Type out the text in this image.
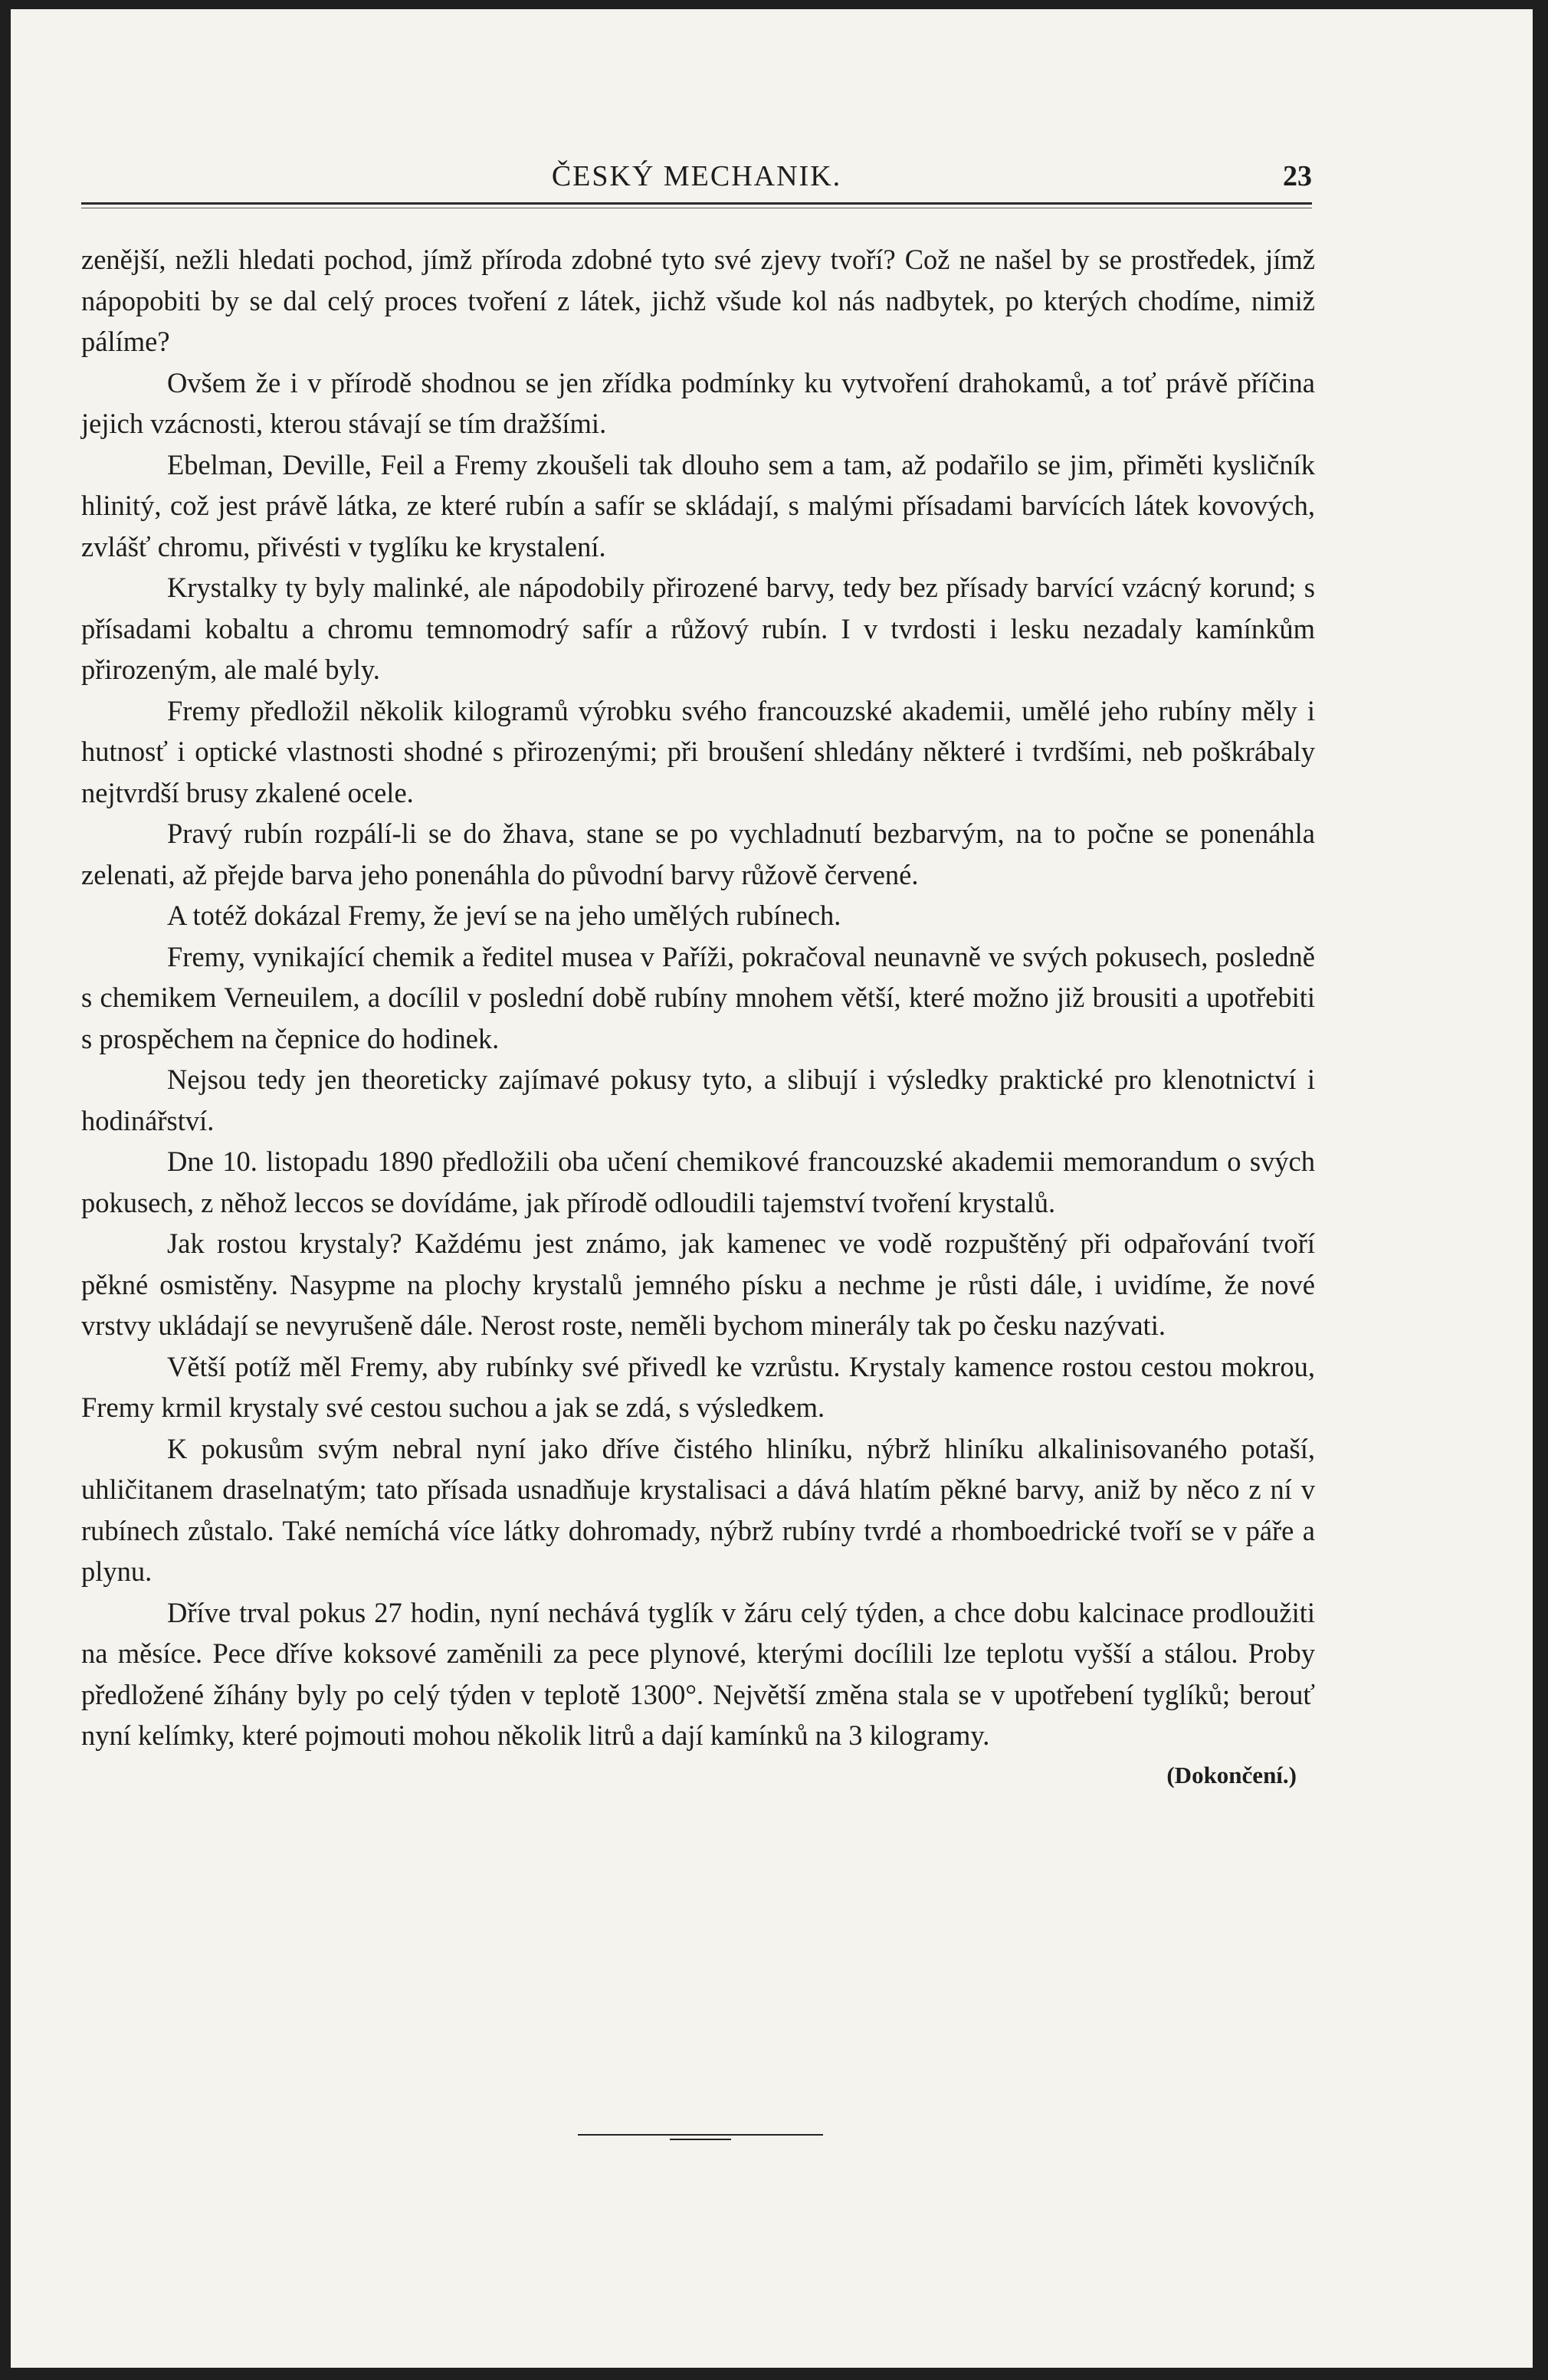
ČESKÝ MECHANIK.	23

zenější, nežli hledati pochod, jímž příroda zdobné tyto své zjevy tvoří? Což ne našel by se prostředek, jímž nápopobiti by se dal celý proces tvoření z látek, jichž všude kol nás nadbytek, po kterých chodíme, nimiž pálíme?

Ovšem že i v přírodě shodnou se jen zřídka podmínky ku vytvoření drahokamů, a toť právě příčina jejich vzácnosti, kterou stávají se tím dražšími.

Ebelman, Deville, Feil a Fremy zkoušeli tak dlouho sem a tam, až podařilo se jim, přiměti kysličník hlinitý, což jest právě látka, ze které rubín a safír se skládají, s malými přísadami barvících látek kovových, zvlášť chromu, přivésti v tyglíku ke krystalení.

Krystalky ty byly malinké, ale nápodobily přirozené barvy, tedy bez přísady barvící vzácný korund; s přísadami kobaltu a chromu temnomodrý safír a růžový rubín. I v tvrdosti i lesku nezadaly kamínkům přirozeným, ale malé byly.

Fremy předložil několik kilogramů výrobku svého francouzské akademii, umělé jeho rubíny měly i hutnosť i optické vlastnosti shodné s přirozenými; při broušení shledány některé i tvrdšími, neb poškrábaly nejtvrdší brusy zkalené ocele.

Pravý rubín rozpálí-li se do žhava, stane se po vychladnutí bezbarvým, na to počne se ponenáhla zelenati, až přejde barva jeho ponenáhla do původní barvy růžově červené.

A totéž dokázal Fremy, že jeví se na jeho umělých rubínech.

Fremy, vynikající chemik a ředitel musea v Paříži, pokračoval neunavně ve svých pokusech, posledně s chemikem Verneuilem, a docílil v poslední době rubíny mnohem větší, které možno již brousiti a upotřebiti s prospěchem na čepnice do hodinek.

Nejsou tedy jen theoreticky zajímavé pokusy tyto, a slibují i výsledky praktické pro klenotnictví i hodinářství.

Dne 10. listopadu 1890 předložili oba učení chemikové francouzské akademii memorandum o svých pokusech, z něhož leccos se dovídáme, jak přírodě odloudili tajemství tvoření krystalů.

Jak rostou krystaly? Každému jest známo, jak kamenec ve vodě rozpuštěný při odpařování tvoří pěkné osmistěny. Nasypme na plochy krystalů jemného písku a nechme je růsti dále, i uvidíme, že nové vrstvy ukládají se nevyrušeně dále. Nerost roste, neměli bychom minerály tak po česku nazývati.

Větší potíž měl Fremy, aby rubínky své přivedl ke vzrůstu. Krystaly kamence rostou cestou mokrou, Fremy krmil krystaly své cestou suchou a jak se zdá, s výsledkem.

K pokusům svým nebral nyní jako dříve čistého hliníku, nýbrž hliníku alkalinisovaného potaší, uhličitanem draselnatým; tato přísada usnadňuje krystalisaci a dává hlatím pěkné barvy, aniž by něco z ní v rubínech zůstalo. Také nemíchá více látky dohromady, nýbrž rubíny tvrdé a rhomboedrické tvoří se v páře a plynu.

Dříve trval pokus 27 hodin, nyní nechává tyglík v žáru celý týden, a chce dobu kalcinace prodloužiti na měsíce. Pece dříve koksové zaměnili za pece plynové, kterými docílili lze teplotu vyšší a stálou. Proby předložené žíhány byly po celý týden v teplotě 1300°. Největší změna stala se v upotřebení tyglíků; berouť nyní kelímky, které pojmouti mohou několik litrů a dají kamínků na 3 kilogramy.

(Dokončení.)
